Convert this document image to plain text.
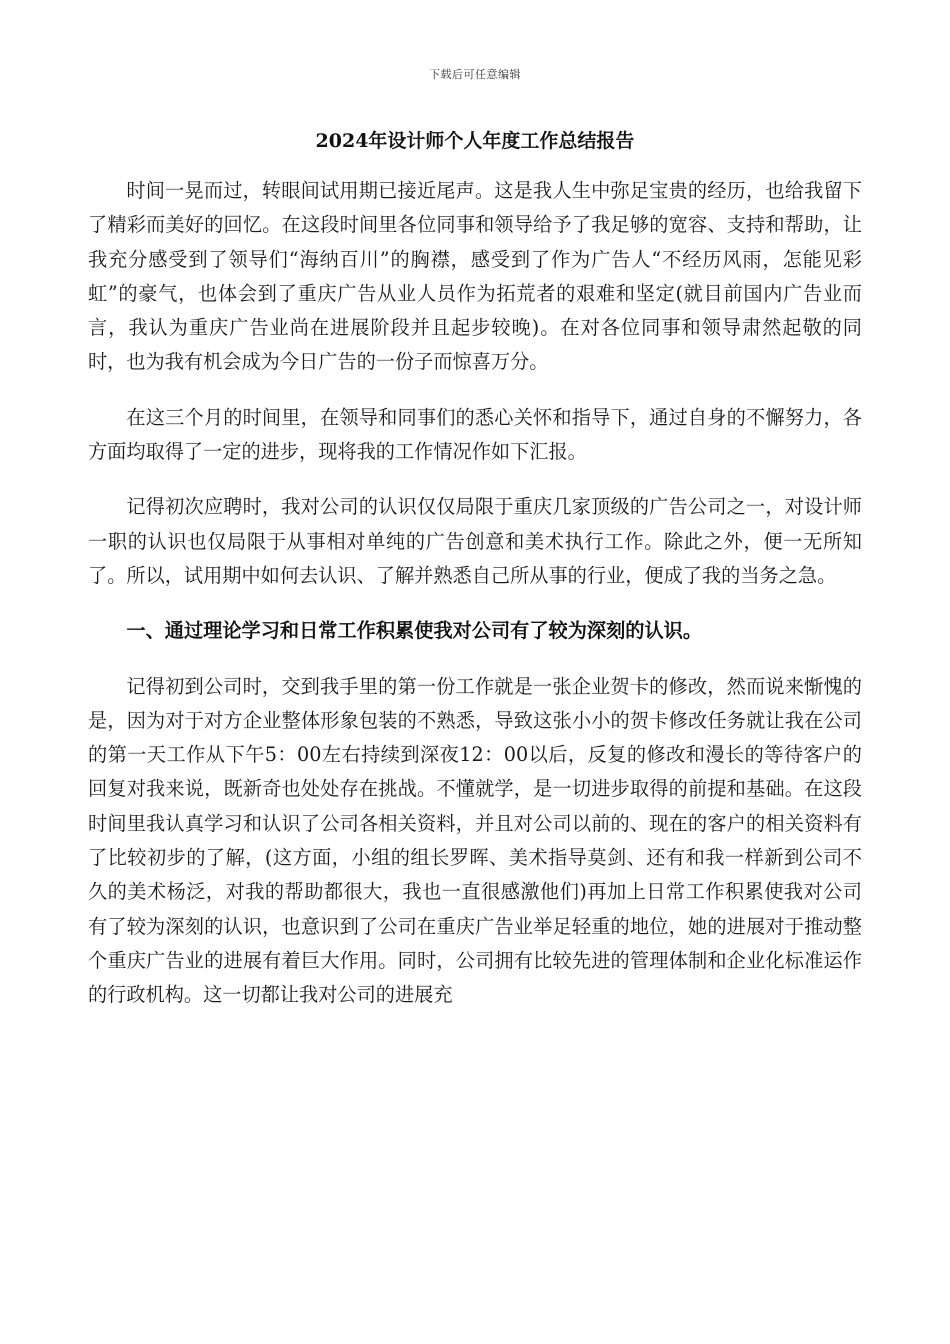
下载后可任意编辑
2024年设计师个人年度工作总结报告

时间一晃而过，转眼间试用期已接近尾声。这是我人生中弥足宝贵的经历，也给我留下了精彩而美好的回忆。在这段时间里各位同事和领导给予了我足够的宽容、支持和帮助，让我充分感受到了领导们“海纳百川”的胸襟，感受到了作为广告人“不经历风雨，怎能见彩虹”的豪气，也体会到了重庆广告从业人员作为拓荒者的艰难和坚定(就目前国内广告业而言，我认为重庆广告业尚在进展阶段并且起步较晚)。在对各位同事和领导肃然起敬的同时，也为我有机会成为今日广告的一份子而惊喜万分。

在这三个月的时间里，在领导和同事们的悉心关怀和指导下，通过自身的不懈努力，各方面均取得了一定的进步，现将我的工作情况作如下汇报。

记得初次应聘时，我对公司的认识仅仅局限于重庆几家顶级的广告公司之一，对设计师一职的认识也仅局限于从事相对单纯的广告创意和美术执行工作。除此之外，便一无所知了。所以，试用期中如何去认识、了解并熟悉自己所从事的行业，便成了我的当务之急。

一、通过理论学习和日常工作积累使我对公司有了较为深刻的认识。

记得初到公司时，交到我手里的第一份工作就是一张企业贺卡的修改，然而说来惭愧的是，因为对于对方企业整体形象包装的不熟悉，导致这张小小的贺卡修改任务就让我在公司的第一天工作从下午5：00左右持续到深夜12：00以后，反复的修改和漫长的等待客户的回复对我来说，既新奇也处处存在挑战。不懂就学，是一切进步取得的前提和基础。在这段时间里我认真学习和认识了公司各相关资料，并且对公司以前的、现在的客户的相关资料有了比较初步的了解，(这方面，小组的组长罗晖、美术指导莫剑、还有和我一样新到公司不久的美术杨泛，对我的帮助都很大，我也一直很感激他们)再加上日常工作积累使我对公司有了较为深刻的认识，也意识到了公司在重庆广告业举足轻重的地位，她的进展对于推动整个重庆广告业的进展有着巨大作用。同时，公司拥有比较先进的管理体制和企业化标准运作的行政机构。这一切都让我对公司的进展充
